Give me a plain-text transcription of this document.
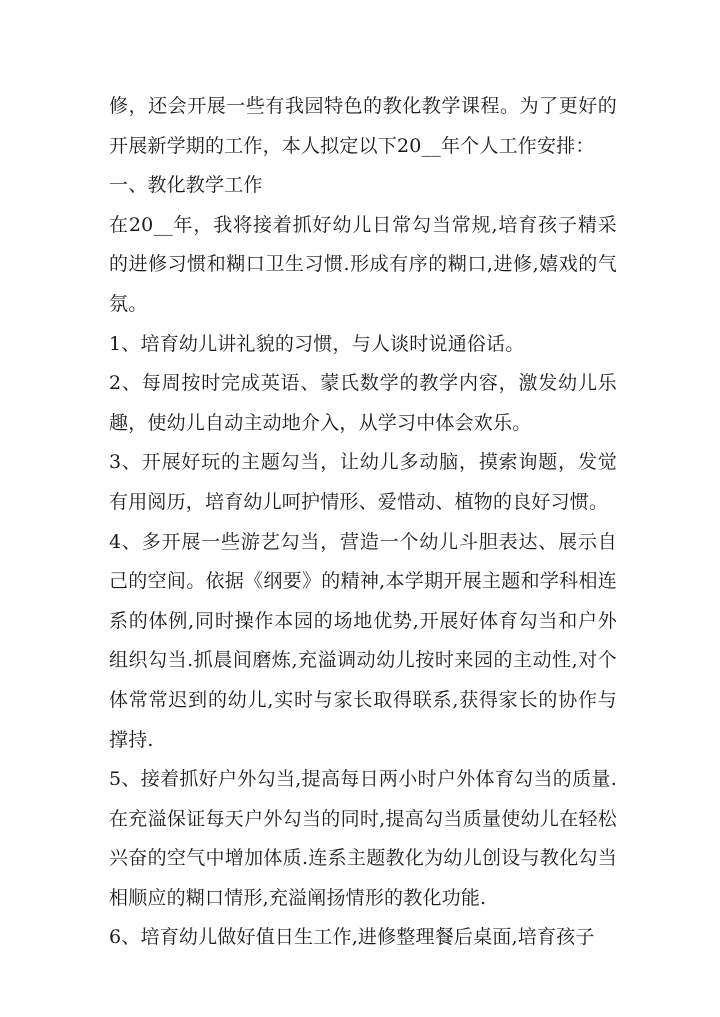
修，还会开展一些有我园特色的教化教学课程。为了更好的开展新学期的工作，本人拟定以下20__年个人工作安排：

一、教化教学工作

在20__年，我将接着抓好幼儿日常勾当常规,培育孩子精采的进修习惯和糊口卫生习惯.形成有序的糊口,进修,嬉戏的气氛。

1、培育幼儿讲礼貌的习惯，与人谈时说通俗话。

2、每周按时完成英语、蒙氏数学的教学内容，激发幼儿乐趣，使幼儿自动主动地介入，从学习中体会欢乐。

3、开展好玩的主题勾当，让幼儿多动脑，摸索询题，发觉有用阅历，培育幼儿呵护情形、爱惜动、植物的良好习惯。

4、多开展一些游艺勾当，营造一个幼儿斗胆表达、展示自己的空间。依据《纲要》的精神,本学期开展主题和学科相连系的体例,同时操作本园的场地优势,开展好体育勾当和户外组织勾当.抓晨间磨炼,充溢调动幼儿按时来园的主动性,对个体常常迟到的幼儿,实时与家长取得联系,获得家长的协作与撑持.

5、接着抓好户外勾当,提高每日两小时户外体育勾当的质量.在充溢保证每天户外勾当的同时,提高勾当质量使幼儿在轻松兴奋的空气中增加体质.连系主题教化为幼儿创设与教化勾当相顺应的糊口情形,充溢阐扬情形的教化功能.

6、培育幼儿做好值日生工作,进修整理餐后桌面,培育孩子
